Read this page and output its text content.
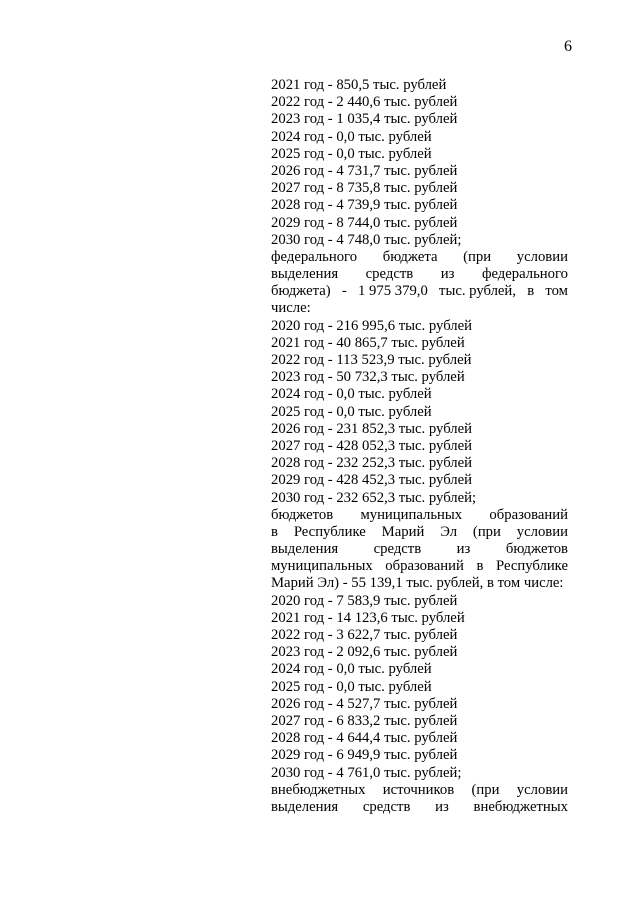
6
2021 год - 850,5 тыс. рублей
2022 год - 2 440,6 тыс. рублей
2023 год - 1 035,4 тыс. рублей
2024 год - 0,0 тыс. рублей
2025 год - 0,0 тыс. рублей
2026 год - 4 731,7 тыс. рублей
2027 год - 8 735,8 тыс. рублей
2028 год - 4 739,9 тыс. рублей
2029 год - 8 744,0 тыс. рублей
2030 год - 4 748,0 тыс. рублей;
федерального бюджета (при условии
выделения средств из федерального
бюджета) - 1 975 379,0 тыс. рублей, в том
числе:
2020 год - 216 995,6 тыс. рублей
2021 год - 40 865,7 тыс. рублей
2022 год - 113 523,9 тыс. рублей
2023 год - 50 732,3 тыс. рублей
2024 год - 0,0 тыс. рублей
2025 год - 0,0 тыс. рублей
2026 год - 231 852,3 тыс. рублей
2027 год - 428 052,3 тыс. рублей
2028 год - 232 252,3 тыс. рублей
2029 год - 428 452,3 тыс. рублей
2030 год - 232 652,3 тыс. рублей;
бюджетов муниципальных образований
в Республике Марий Эл (при условии
выделения средств из бюджетов
муниципальных образований в Республике
Марий Эл) - 55 139,1 тыс. рублей, в том числе:
2020 год - 7 583,9 тыс. рублей
2021 год - 14 123,6 тыс. рублей
2022 год - 3 622,7 тыс. рублей
2023 год - 2 092,6 тыс. рублей
2024 год - 0,0 тыс. рублей
2025 год - 0,0 тыс. рублей
2026 год - 4 527,7 тыс. рублей
2027 год - 6 833,2 тыс. рублей
2028 год - 4 644,4 тыс. рублей
2029 год - 6 949,9 тыс. рублей
2030 год - 4 761,0 тыс. рублей;
внебюджетных источников (при условии
выделения средств из внебюджетных
